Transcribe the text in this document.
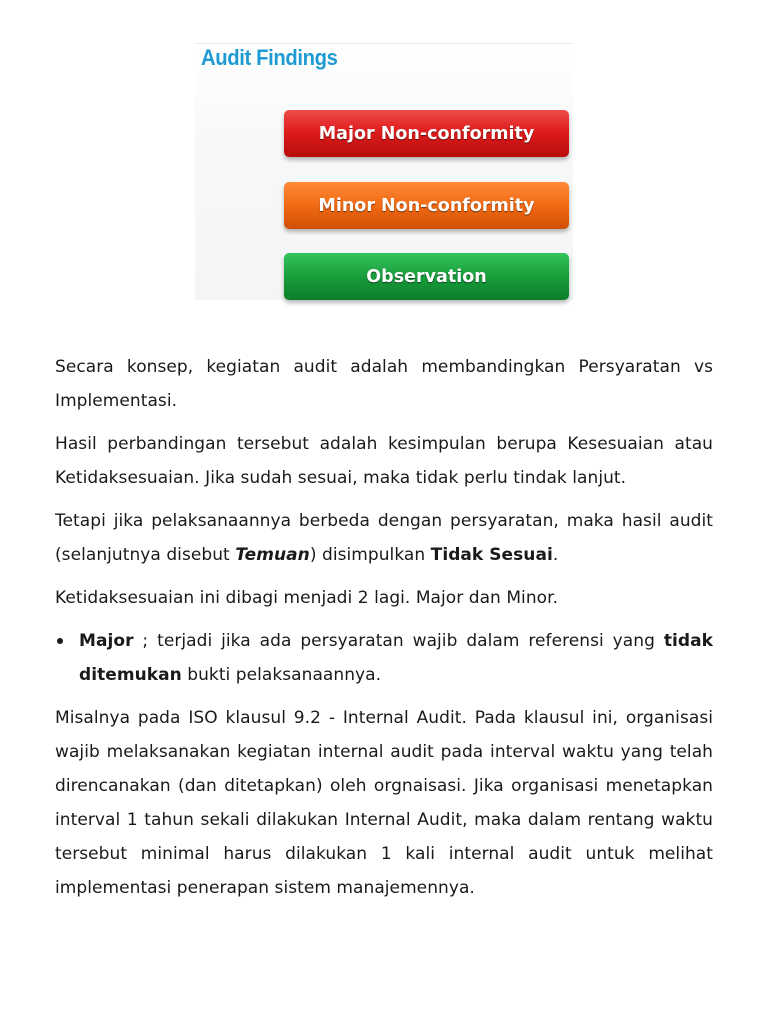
Audit Findings
Major Non-conformity
Minor Non-conformity
Observation

Secara konsep, kegiatan audit adalah membandingkan Persyaratan vs Implementasi.

Hasil perbandingan tersebut adalah kesimpulan berupa Kesesuaian atau Ketidaksesuaian. Jika sudah sesuai, maka tidak perlu tindak lanjut.

Tetapi jika pelaksanaannya berbeda dengan persyaratan, maka hasil audit (selanjutnya disebut Temuan) disimpulkan Tidak Sesuai.

Ketidaksesuaian ini dibagi menjadi 2 lagi. Major dan Minor.

Major ; terjadi jika ada persyaratan wajib dalam referensi yang tidak ditemukan bukti pelaksanaannya.

Misalnya pada ISO klausul 9.2 - Internal Audit. Pada klausul ini, organisasi wajib melaksanakan kegiatan internal audit pada interval waktu yang telah direncanakan (dan ditetapkan) oleh orgnaisasi. Jika organisasi menetapkan interval 1 tahun sekali dilakukan Internal Audit, maka dalam rentang waktu tersebut minimal harus dilakukan 1 kali internal audit untuk melihat implementasi penerapan sistem manajemennya.
